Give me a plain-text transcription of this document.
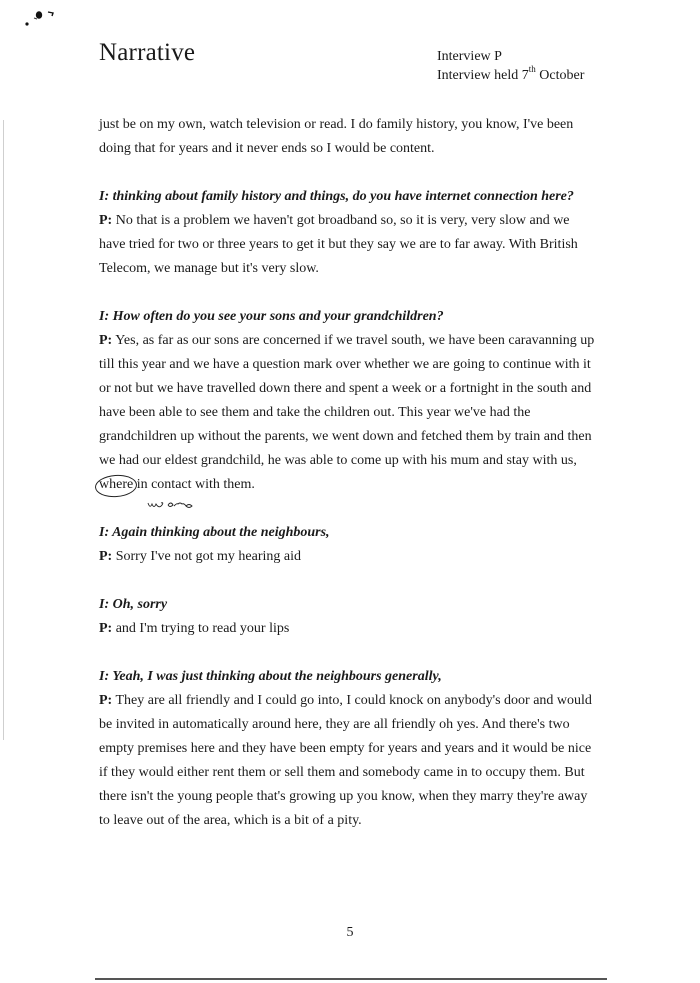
Narrative	Interview P
Interview held 7th October

just be on my own, watch television or read. I do family history, you know, I've been doing that for years and it never ends so I would be content.

I: thinking about family history and things, do you have internet connection here?

P: No that is a problem we haven't got broadband so, so it is very, very slow and we have tried for two or three years to get it but they say we are to far away. With British Telecom, we manage but it's very slow.

I: How often do you see your sons and your grandchildren?

P: Yes, as far as our sons are concerned if we travel south, we have been caravanning up till this year and we have a question mark over whether we are going to continue with it or not but we have travelled down there and spent a week or a fortnight in the south and have been able to see them and take the children out. This year we've had the grandchildren up without the parents, we went down and fetched them by train and then we had our eldest grandchild, he was able to come up with his mum and stay with us, where
in contact with them.

I: Again thinking about the neighbours,

P: Sorry I've not got my hearing aid

I: Oh, sorry

P: and I'm trying to read your lips

I: Yeah, I was just thinking about the neighbours generally,

P: They are all friendly and I could go into, I could knock on anybody's door and would be invited in automatically around here, they are all friendly oh yes. And there's two empty premises here and they have been empty for years and years and it would be nice if they would either rent them or sell them and somebody came in to occupy them. But there isn't the young people that's growing up you know, when they marry they're away to leave out of the area, which is a bit of a pity.

5
